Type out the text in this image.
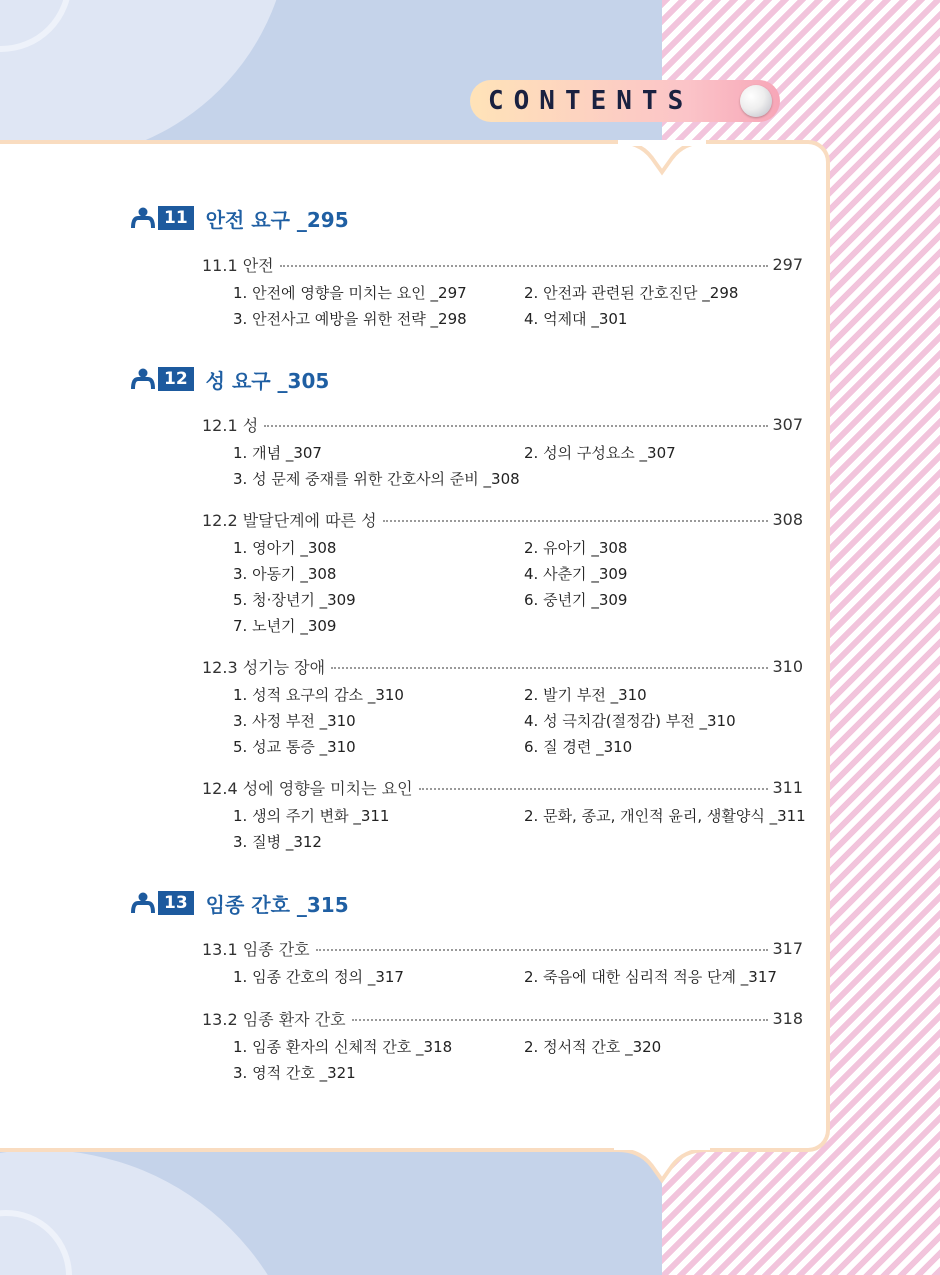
CONTENTS
11 안전 요구 _295
11.1 안전	297
1. 안전에 영향을 미치는 요인 _297	2. 안전과 관련된 간호진단 _298
3. 안전사고 예방을 위한 전략 _298	4. 억제대 _301
12 성 요구 _305
12.1 성	307
1. 개념 _307	2. 성의 구성요소 _307
3. 성 문제 중재를 위한 간호사의 준비 _308
12.2 발달단계에 따른 성	308
1. 영아기 _308	2. 유아기 _308
3. 아동기 _308	4. 사춘기 _309
5. 청·장년기 _309	6. 중년기 _309
7. 노년기 _309
12.3 성기능 장애	310
1. 성적 요구의 감소 _310	2. 발기 부전 _310
3. 사정 부전 _310	4. 성 극치감(절정감) 부전 _310
5. 성교 통증 _310	6. 질 경련 _310
12.4 성에 영향을 미치는 요인	311
1. 생의 주기 변화 _311	2. 문화, 종교, 개인적 윤리, 생활양식 _311
3. 질병 _312
13 임종 간호 _315
13.1 임종 간호	317
1. 임종 간호의 정의 _317	2. 죽음에 대한 심리적 적응 단계 _317
13.2 임종 환자 간호	318
1. 임종 환자의 신체적 간호 _318	2. 정서적 간호 _320
3. 영적 간호 _321
